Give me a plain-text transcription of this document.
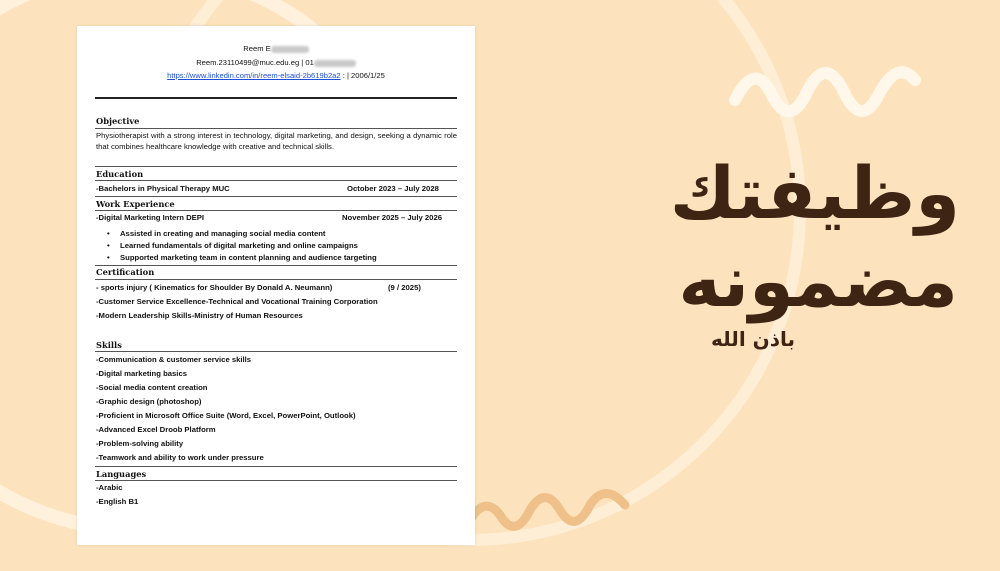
Reem E
Reem.23110499@muc.edu.eg | 01
https://www.linkedin.com/in/reem-elsaid-2b619b2a2 : | 2006/1/25
Objective
Physiotherapist with a strong interest in technology, digital marketing, and design, seeking a dynamic role that combines healthcare knowledge with creative and technical skills.
Education
-Bachelors in Physical Therapy MUC	October 2023 – July 2028
Work Experience
-Digital Marketing Intern DEPI	November 2025 – July 2026
• Assisted in creating and managing social media content
• Learned fundamentals of digital marketing and online campaigns
• Supported marketing team in content planning and audience targeting
Certification
- sports injury ( Kinematics for Shoulder By Donald A. Neumann)	(9 / 2025)
-Customer Service Excellence-Technical and Vocational Training Corporation
-Modern Leadership Skills-Ministry of Human Resources
Skills
-Communication & customer service skills
-Digital marketing basics
-Social media content creation
-Graphic design (photoshop)
-Proficient in Microsoft Office Suite (Word, Excel, PowerPoint, Outlook)
-Advanced Excel Droob Platform
-Problem-solving ability
-Teamwork and ability to work under pressure
Languages
-Arabic
-English B1
وظيفتك
مضمونه
باذن الله
